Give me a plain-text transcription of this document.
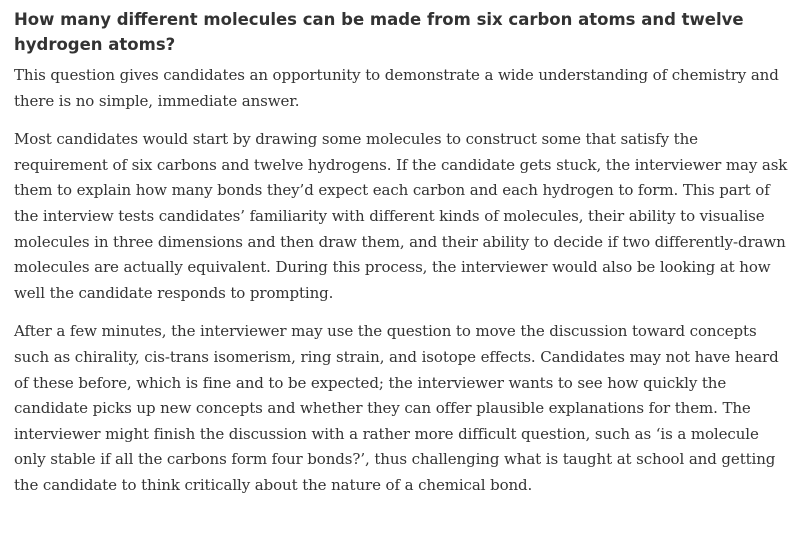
How many different molecules can be made from six carbon atoms and twelve hydrogen atoms?

This question gives candidates an opportunity to demonstrate a wide understanding of chemistry and there is no simple, immediate answer.

Most candidates would start by drawing some molecules to construct some that satisfy the requirement of six carbons and twelve hydrogens. If the candidate gets stuck, the interviewer may ask them to explain how many bonds they’d expect each carbon and each hydrogen to form. This part of the interview tests candidates’ familiarity with different kinds of molecules, their ability to visualise molecules in three dimensions and then draw them, and their ability to decide if two differently-drawn molecules are actually equivalent. During this process, the interviewer would also be looking at how well the candidate responds to prompting.

After a few minutes, the interviewer may use the question to move the discussion toward concepts such as chirality, cis-trans isomerism, ring strain, and isotope effects. Candidates may not have heard of these before, which is fine and to be expected; the interviewer wants to see how quickly the candidate picks up new concepts and whether they can offer plausible explanations for them. The interviewer might finish the discussion with a rather more difficult question, such as ‘is a molecule only stable if all the carbons form four bonds?’, thus challenging what is taught at school and getting the candidate to think critically about the nature of a chemical bond.
